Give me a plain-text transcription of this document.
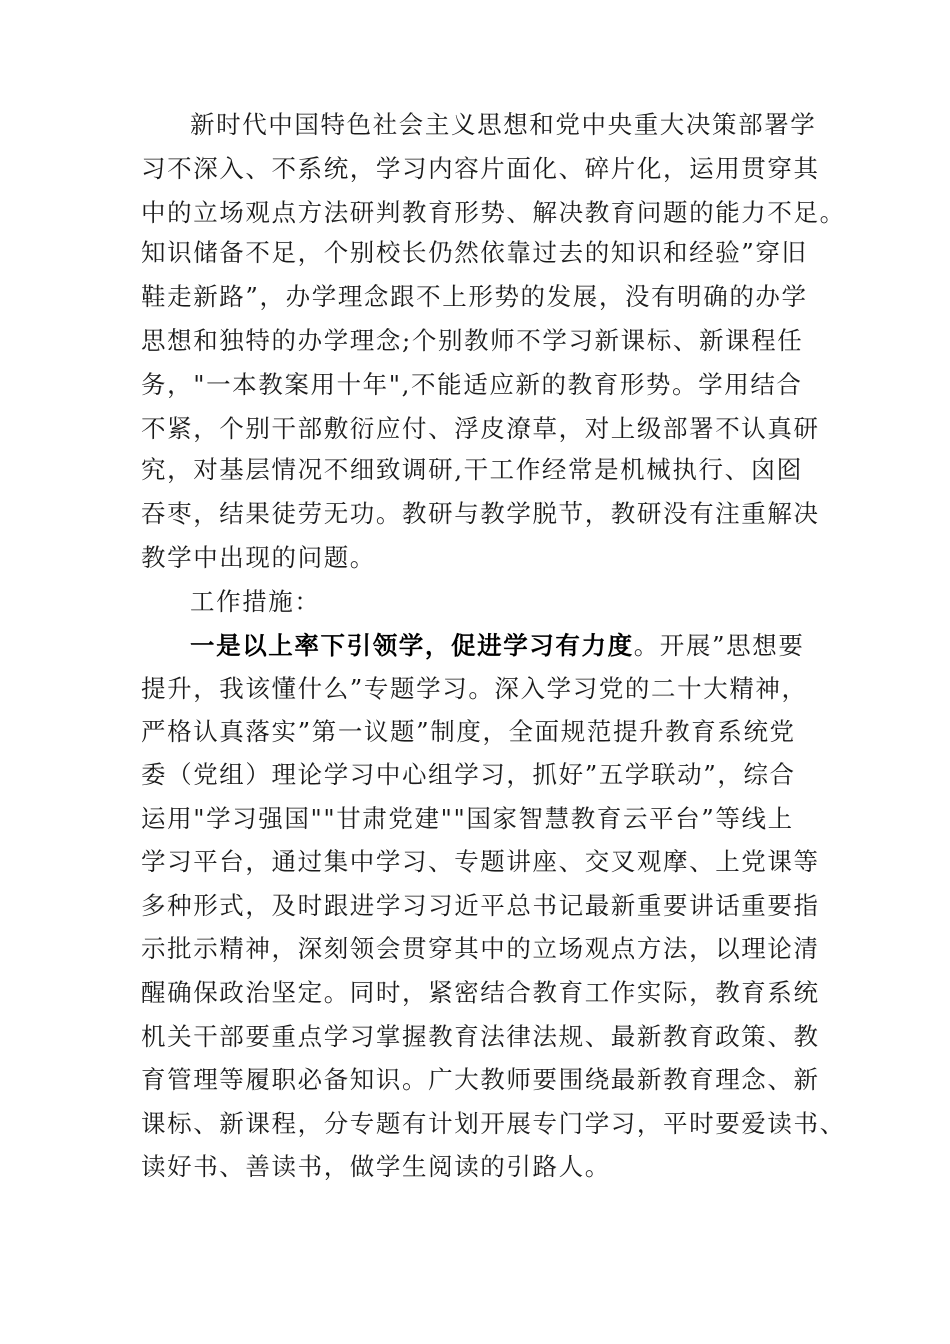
新时代中国特色社会主义思想和党中央重大决策部署学
习不深入、不系统，学习内容片面化、碎片化，运用贯穿其
中的立场观点方法研判教育形势、解决教育问题的能力不足。
知识储备不足，个别校长仍然依靠过去的知识和经验”穿旧
鞋走新路”，办学理念跟不上形势的发展，没有明确的办学
思想和独特的办学理念;个别教师不学习新课标、新课程任
务，"一本教案用十年",不能适应新的教育形势。学用结合
不紧，个别干部敷衍应付、浮皮潦草，对上级部署不认真研
究，对基层情况不细致调研,干工作经常是机械执行、囟囵
吞枣，结果徒劳无功。教研与教学脱节，教研没有注重解决
教学中出现的问题。
工作措施：
一是以上率下引领学，促进学习有力度。开展”思想要
提升，我该懂什么”专题学习。深入学习党的二十大精神，
严格认真落实”第一议题”制度，全面规范提升教育系统党
委（党组）理论学习中心组学习，抓好”五学联动”，综合
运用"学习强国""甘肃党建""国家智慧教育云平台”等线上
学习平台，通过集中学习、专题讲座、交叉观摩、上党课等
多种形式，及时跟进学习习近平总书记最新重要讲话重要指
示批示精神，深刻领会贯穿其中的立场观点方法，以理论清
醒确保政治坚定。同时，紧密结合教育工作实际，教育系统
机关干部要重点学习掌握教育法律法规、最新教育政策、教
育管理等履职必备知识。广大教师要围绕最新教育理念、新
课标、新课程，分专题有计划开展专门学习，平时要爱读书、
读好书、善读书，做学生阅读的引路人。
